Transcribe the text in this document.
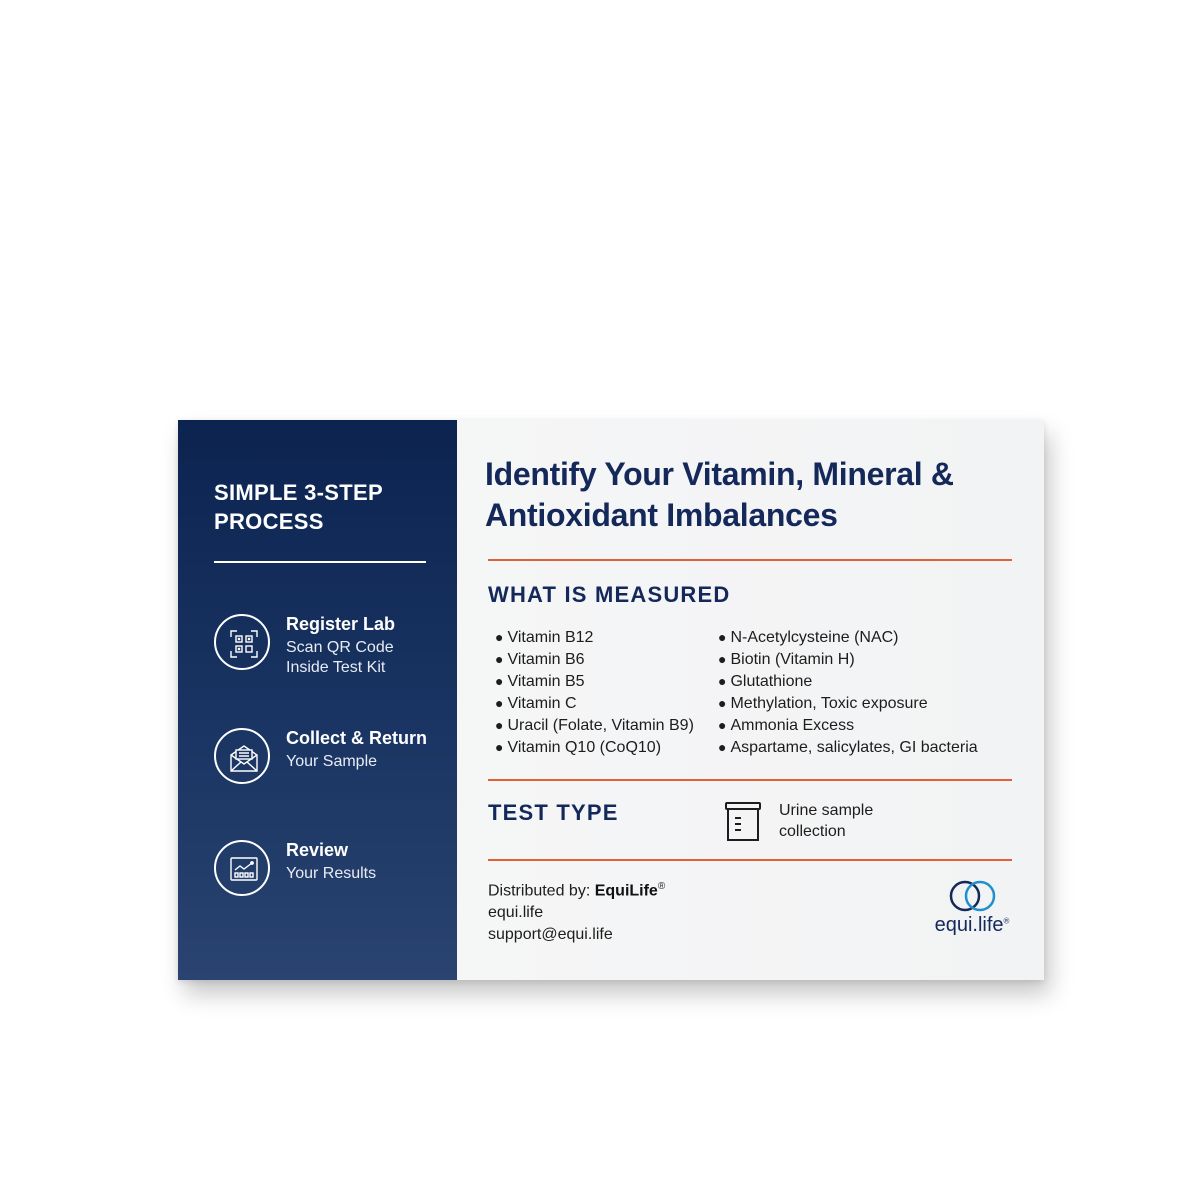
SIMPLE 3-STEP PROCESS
Register Lab
Scan QR Code
Inside Test Kit
Collect & Return
Your Sample
Review
Your Results
Identify Your Vitamin, Mineral & Antioxidant Imbalances
WHAT IS MEASURED
● Vitamin B12
● Vitamin B6
● Vitamin B5
● Vitamin C
● Uracil (Folate, Vitamin B9)
● Vitamin Q10 (CoQ10)
● N-Acetylcysteine (NAC)
● Biotin (Vitamin H)
● Glutathione
● Methylation, Toxic exposure
● Ammonia Excess
● Aspartame, salicylates, GI bacteria
TEST TYPE	Urine sample
collection
Distributed by: EquiLife®
equi.life
support@equi.life	equi.life®
